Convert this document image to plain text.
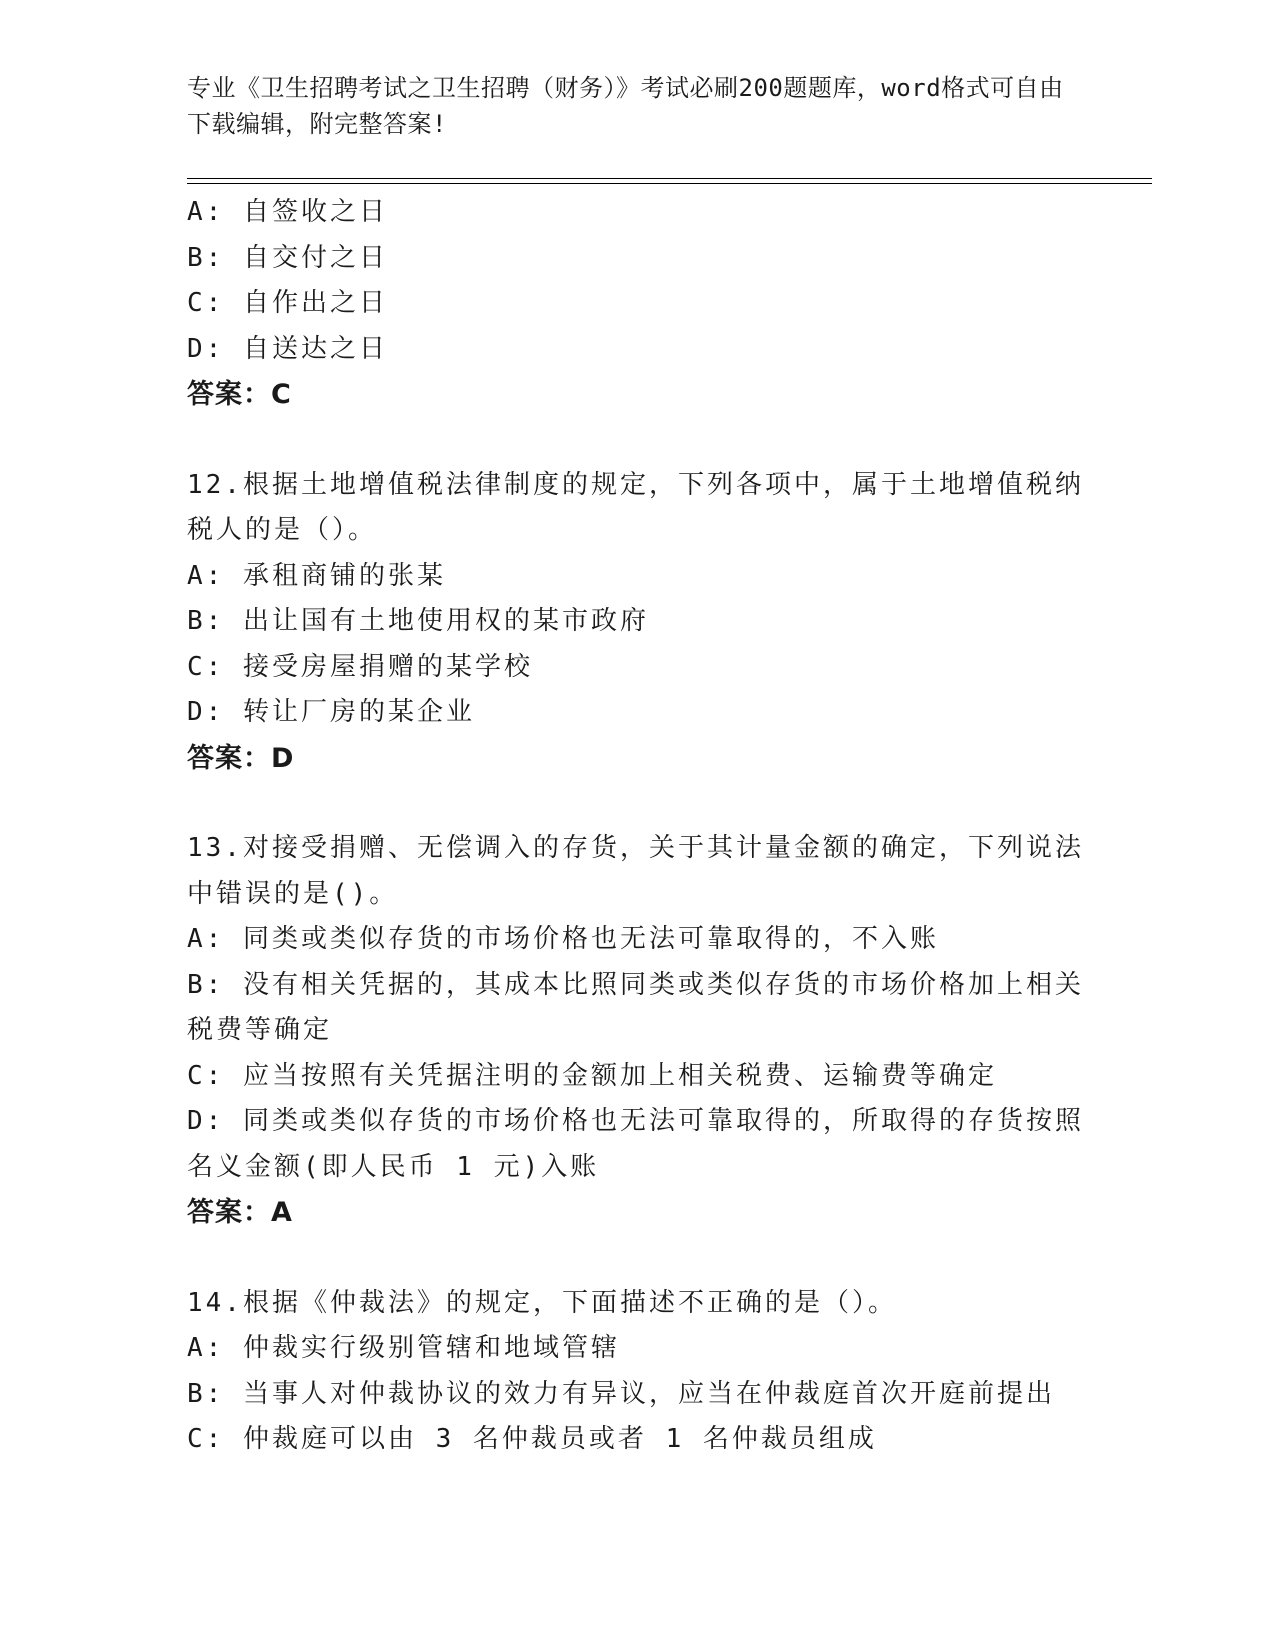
专业《卫生招聘考试之卫生招聘（财务）》考试必刷200题题库，word格式可自由下载编辑，附完整答案!
A: 自签收之日
B: 自交付之日
C: 自作出之日
D: 自送达之日
答案：C
12.根据土地增值税法律制度的规定，下列各项中，属于土地增值税纳
税人的是（）。
A: 承租商铺的张某
B: 出让国有土地使用权的某市政府
C: 接受房屋捐赠的某学校
D: 转让厂房的某企业
答案：D
13.对接受捐赠、无偿调入的存货，关于其计量金额的确定，下列说法
中错误的是()。
A: 同类或类似存货的市场价格也无法可靠取得的，不入账
B: 没有相关凭据的，其成本比照同类或类似存货的市场价格加上相关
税费等确定
C: 应当按照有关凭据注明的金额加上相关税费、运输费等确定
D: 同类或类似存货的市场价格也无法可靠取得的，所取得的存货按照
名义金额(即人民币 1 元)入账
答案：A
14.根据《仲裁法》的规定，下面描述不正确的是（）。
A: 仲裁实行级别管辖和地域管辖
B: 当事人对仲裁协议的效力有异议，应当在仲裁庭首次开庭前提出
C: 仲裁庭可以由 3 名仲裁员或者 1 名仲裁员组成
